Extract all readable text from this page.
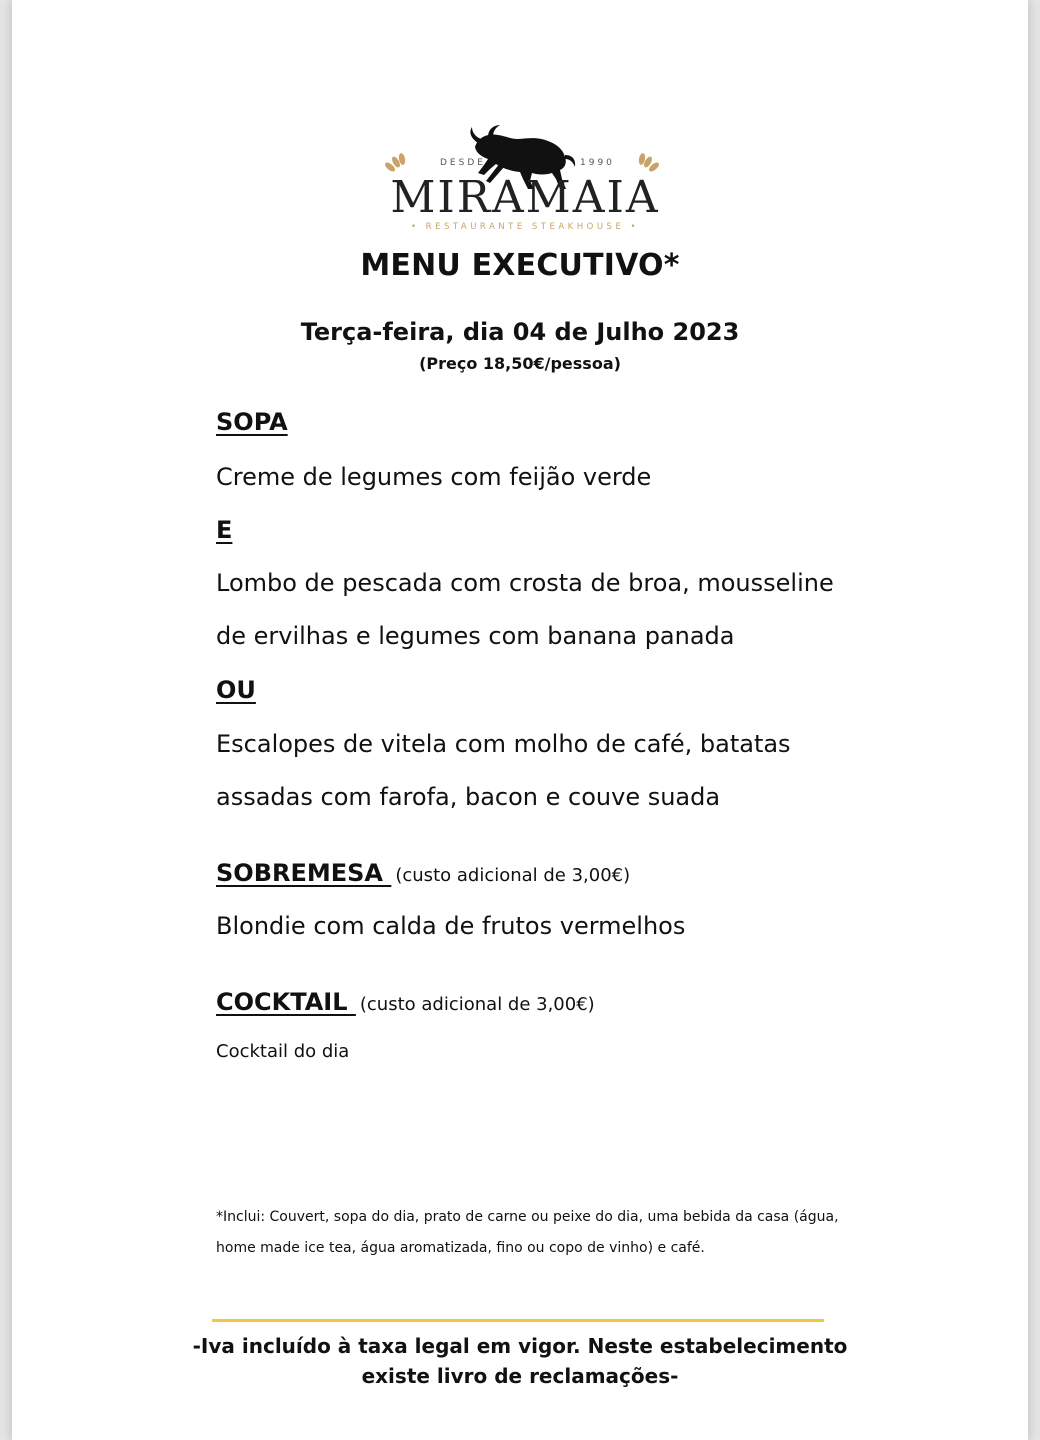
DESDE	1990
MIRAMAIA
• RESTAURANTE STEAKHOUSE •
MENU EXECUTIVO*

Terça-feira, dia 04 de Julho 2023

(Preço 18,50€/pessoa)

SOPA

Creme de legumes com feijão verde

E

Lombo de pescada com crosta de broa, mousseline

de ervilhas e legumes com banana panada

OU

Escalopes de vitela com molho de café, batatas

assadas com farofa, bacon e couve suada

SOBREMESA (custo adicional de 3,00€)

Blondie com calda de frutos vermelhos

COCKTAIL (custo adicional de 3,00€)

Cocktail do dia

*Inclui: Couvert, sopa do dia, prato de carne ou peixe do dia, uma bebida da casa (água,

home made ice tea, água aromatizada, fino ou copo de vinho) e café.

-Iva incluído à taxa legal em vigor. Neste estabelecimento

existe livro de reclamações-
